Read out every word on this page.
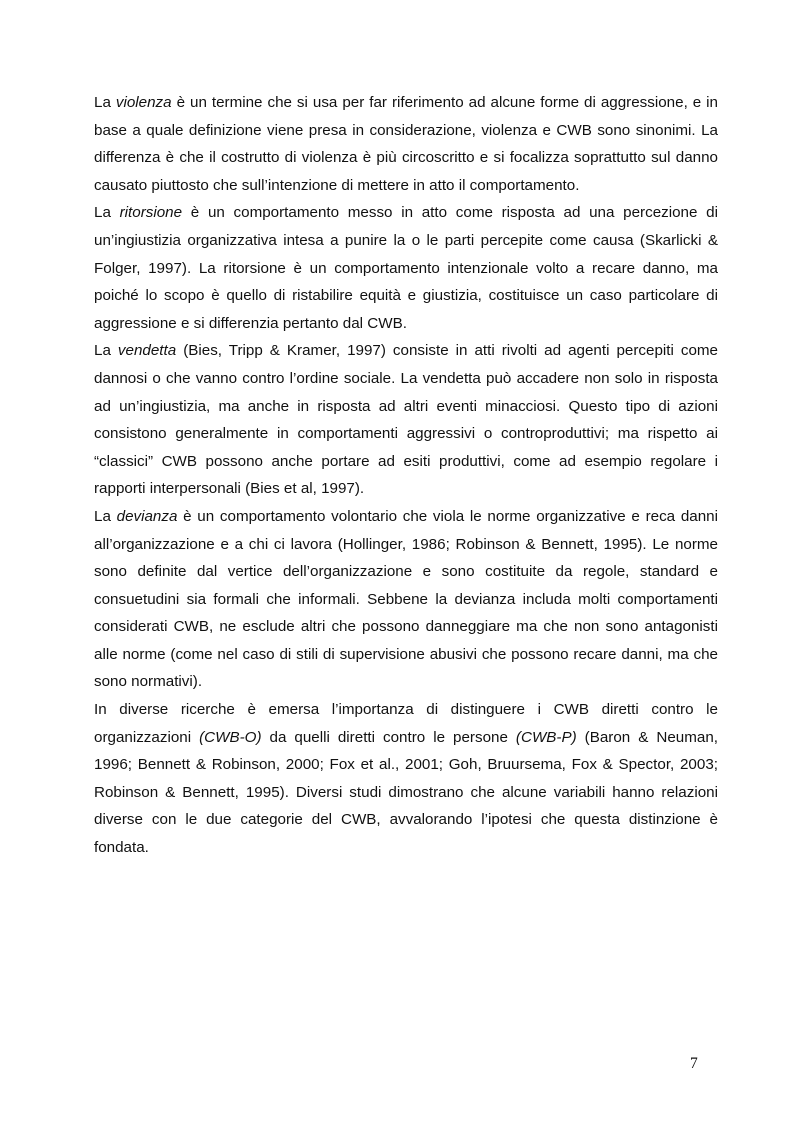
La violenza è un termine che si usa per far riferimento ad alcune forme di aggressione, e in base a quale definizione viene presa in considerazione, violenza e CWB sono sinonimi. La differenza è che il costrutto di violenza è più circoscritto e si focalizza soprattutto sul danno causato piuttosto che sull’intenzione di mettere in atto il comportamento.

La ritorsione è un comportamento messo in atto come risposta ad una percezione di un’ingiustizia organizzativa intesa a punire la o le parti percepite come causa (Skarlicki & Folger, 1997). La ritorsione è un comportamento intenzionale volto a recare danno, ma poiché lo scopo è quello di ristabilire equità e giustizia, costituisce un caso particolare di aggressione e si differenzia pertanto dal CWB.

La vendetta (Bies, Tripp & Kramer, 1997) consiste in atti rivolti ad agenti percepiti come dannosi o che vanno contro l’ordine sociale. La vendetta può accadere non solo in risposta ad un’ingiustizia, ma anche in risposta ad altri eventi minacciosi. Questo tipo di azioni consistono generalmente in comportamenti aggressivi o controproduttivi; ma rispetto ai “classici” CWB possono anche portare ad esiti produttivi, come ad esempio regolare i rapporti interpersonali (Bies et al, 1997).

La devianza è un comportamento volontario che viola le norme organizzative e reca danni all’organizzazione e a chi ci lavora (Hollinger, 1986; Robinson & Bennett, 1995). Le norme sono definite dal vertice dell’organizzazione e sono costituite da regole, standard e consuetudini sia formali che informali. Sebbene la devianza includa molti comportamenti considerati CWB, ne esclude altri che possono danneggiare ma che non sono antagonisti alle norme (come nel caso di stili di supervisione abusivi che possono recare danni, ma che sono normativi).

In diverse ricerche è emersa l’importanza di distinguere i CWB diretti contro le organizzazioni (CWB-O) da quelli diretti contro le persone (CWB-P) (Baron & Neuman, 1996; Bennett & Robinson, 2000; Fox et al., 2001; Goh, Bruursema, Fox & Spector, 2003; Robinson & Bennett, 1995). Diversi studi dimostrano che alcune variabili hanno relazioni diverse con le due categorie del CWB, avvalorando l’ipotesi che questa distinzione è fondata.

7
